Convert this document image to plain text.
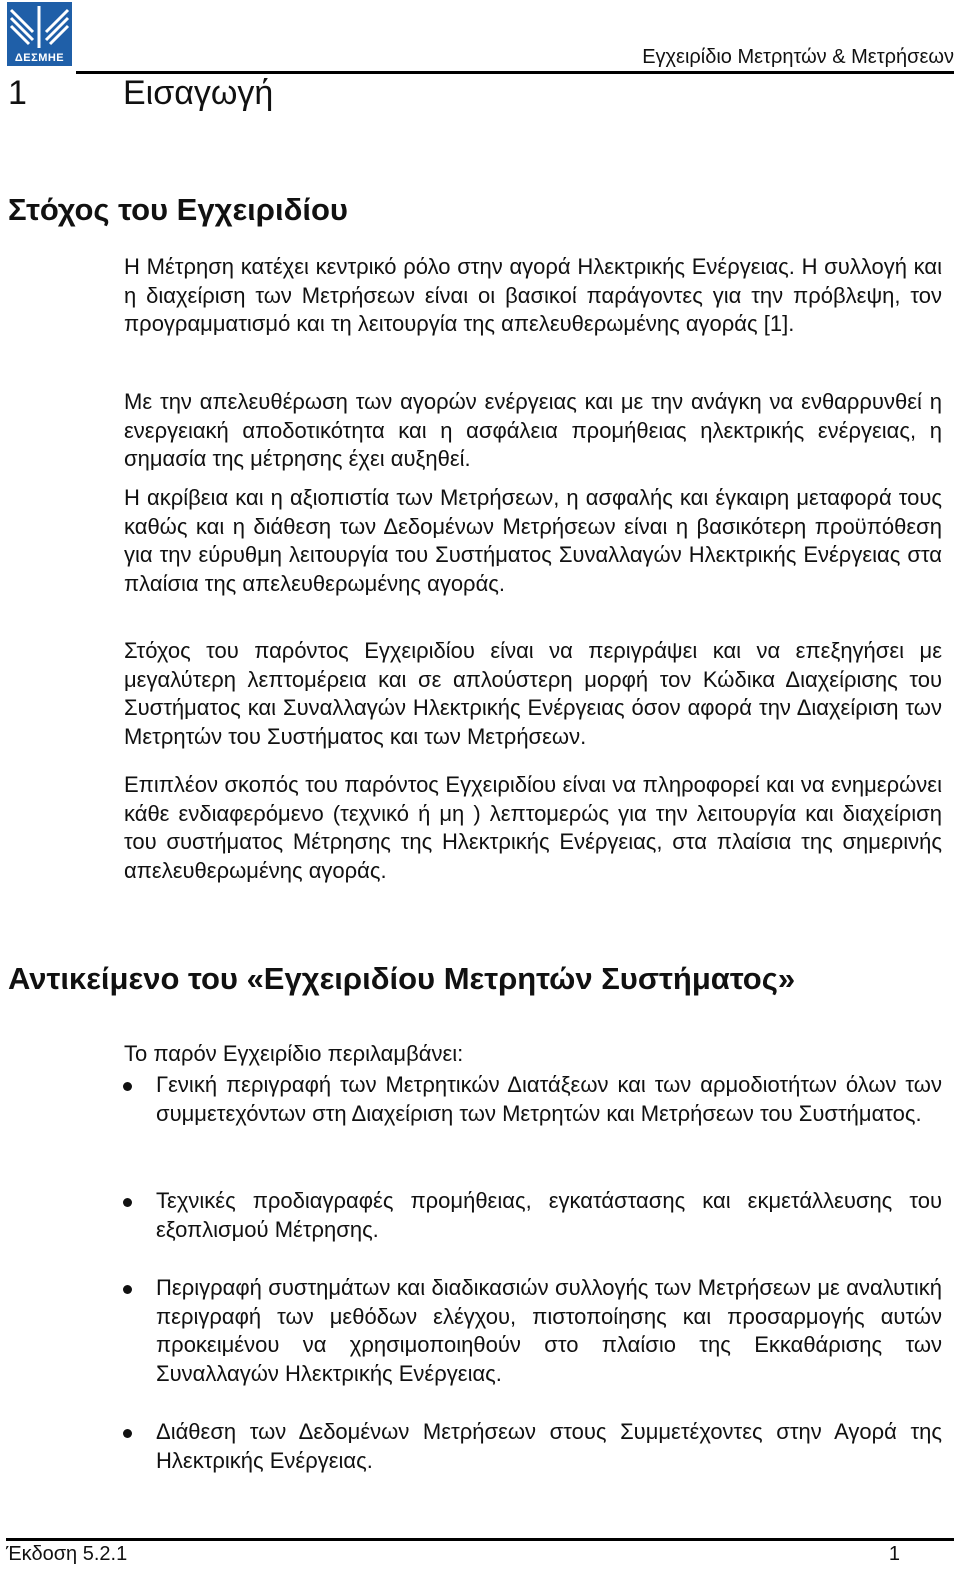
ΔΕΣΜΗΕ	Εγχειρίδιο Μετρητών & Μετρήσεων
1	Εισαγωγή
Στόχος του Εγχειριδίου

Η Μέτρηση κατέχει κεντρικό ρόλο στην αγορά Ηλεκτρικής Ενέργειας. Η συλλογή και η διαχείριση των Μετρήσεων είναι οι βασικοί παράγοντες για την πρόβλεψη, τον προγραμματισμό και τη λειτουργία της απελευθερωμένης αγοράς [1].

Με την απελευθέρωση των αγορών ενέργειας και με την ανάγκη να ενθαρρυνθεί η ενεργειακή αποδοτικότητα και η ασφάλεια προμήθειας ηλεκτρικής ενέργειας, η σημασία της μέτρησης έχει αυξηθεί.

Η ακρίβεια και η αξιοπιστία των Μετρήσεων, η ασφαλής και έγκαιρη μεταφορά τους καθώς και η διάθεση των Δεδομένων Μετρήσεων είναι η βασικότερη προϋπόθεση για την εύρυθμη λειτουργία του Συστήματος Συναλλαγών Ηλεκτρικής Ενέργειας στα πλαίσια της απελευθερωμένης αγοράς.

Στόχος του παρόντος Εγχειριδίου είναι να περιγράψει και να επεξηγήσει με μεγαλύτερη λεπτομέρεια και σε απλούστερη μορφή τον Κώδικα Διαχείρισης του Συστήματος και Συναλλαγών Ηλεκτρικής Ενέργειας όσον αφορά την Διαχείριση των Μετρητών του Συστήματος και των Μετρήσεων.

Επιπλέον σκοπός του παρόντος Εγχειριδίου είναι να πληροφορεί και να ενημερώνει κάθε ενδιαφερόμενο (τεχνικό ή μη ) λεπτομερώς για την λειτουργία και διαχείριση του συστήματος Μέτρησης της Ηλεκτρικής Ενέργειας, στα πλαίσια της σημερινής απελευθερωμένης αγοράς.

Αντικείμενο του «Εγχειριδίου Μετρητών Συστήματος»
Το παρόν Εγχειρίδιο περιλαμβάνει:

Γενική περιγραφή των Μετρητικών Διατάξεων και των αρμοδιοτήτων όλων των συμμετεχόντων στη Διαχείριση των Μετρητών και Μετρήσεων του Συστήματος.

Τεχνικές προδιαγραφές προμήθειας, εγκατάστασης και εκμετάλλευσης του εξοπλισμού Μέτρησης.

Περιγραφή συστημάτων και διαδικασιών συλλογής των Μετρήσεων με αναλυτική περιγραφή των μεθόδων ελέγχου, πιστοποίησης και προσαρμογής αυτών προκειμένου να χρησιμοποιηθούν στο πλαίσιο της Εκκαθάρισης των Συναλλαγών Ηλεκτρικής Ενέργειας.

Διάθεση των Δεδομένων Μετρήσεων στους Συμμετέχοντες στην Αγορά της Ηλεκτρικής Ενέργειας.

Έκδοση 5.2.1	1
